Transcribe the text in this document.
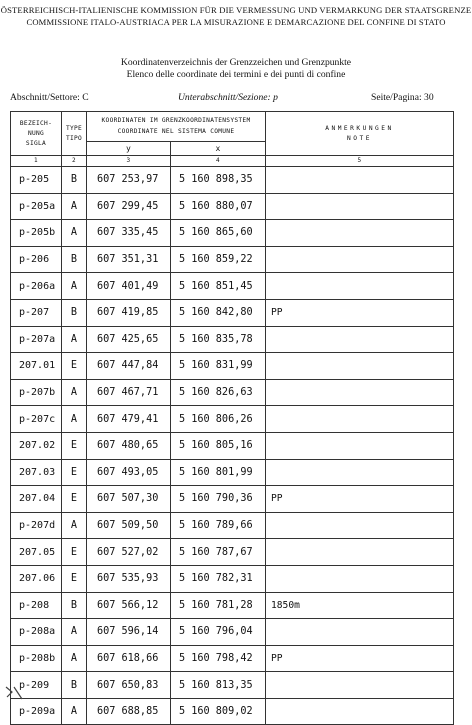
ÖSTERREICHISCH-ITALIENISCHE KOMMISSION FÜR DIE VERMESSUNG UND VERMARKUNG DER STAATSGRENZE
COMMISSIONE ITALO-AUSTRIACA PER LA MISURAZIONE E DEMARCAZIONE DEL CONFINE DI STATO
Koordinatenverzeichnis der Grenzzeichen und Grenzpunkte
Elenco delle coordinate dei termini e dei punti di confine
Abschnitt/Settore: C	Unterabschnitt/Sezione: p	Seite/Pagina: 30
BEZEICH-
NUNG
SIGLA	TYPE
TIPO	KOORDINATEN IM GRENZKOORDINATENSYSTEM
COORDINATE NEL SISTEMA COMUNE		ANMERKUNGEN
NOTE
		y	x	
1	2	3	4	5
p-205	B	607 253,97	5 160 898,35	
p-205a	A	607 299,45	5 160 880,07	
p-205b	A	607 335,45	5 160 865,60	
p-206	B	607 351,31	5 160 859,22	
p-206a	A	607 401,49	5 160 851,45	
p-207	B	607 419,85	5 160 842,80	PP
p-207a	A	607 425,65	5 160 835,78	
207.01	E	607 447,84	5 160 831,99	
p-207b	A	607 467,71	5 160 826,63	
p-207c	A	607 479,41	5 160 806,26	
207.02	E	607 480,65	5 160 805,16	
207.03	E	607 493,05	5 160 801,99	
207.04	E	607 507,30	5 160 790,36	PP
p-207d	A	607 509,50	5 160 789,66	
207.05	E	607 527,02	5 160 787,67	
207.06	E	607 535,93	5 160 782,31	
p-208	B	607 566,12	5 160 781,28	1850m
p-208a	A	607 596,14	5 160 796,04	
p-208b	A	607 618,66	5 160 798,42	PP
p-209	B	607 650,83	5 160 813,35	
p-209a	A	607 688,85	5 160 809,02	
